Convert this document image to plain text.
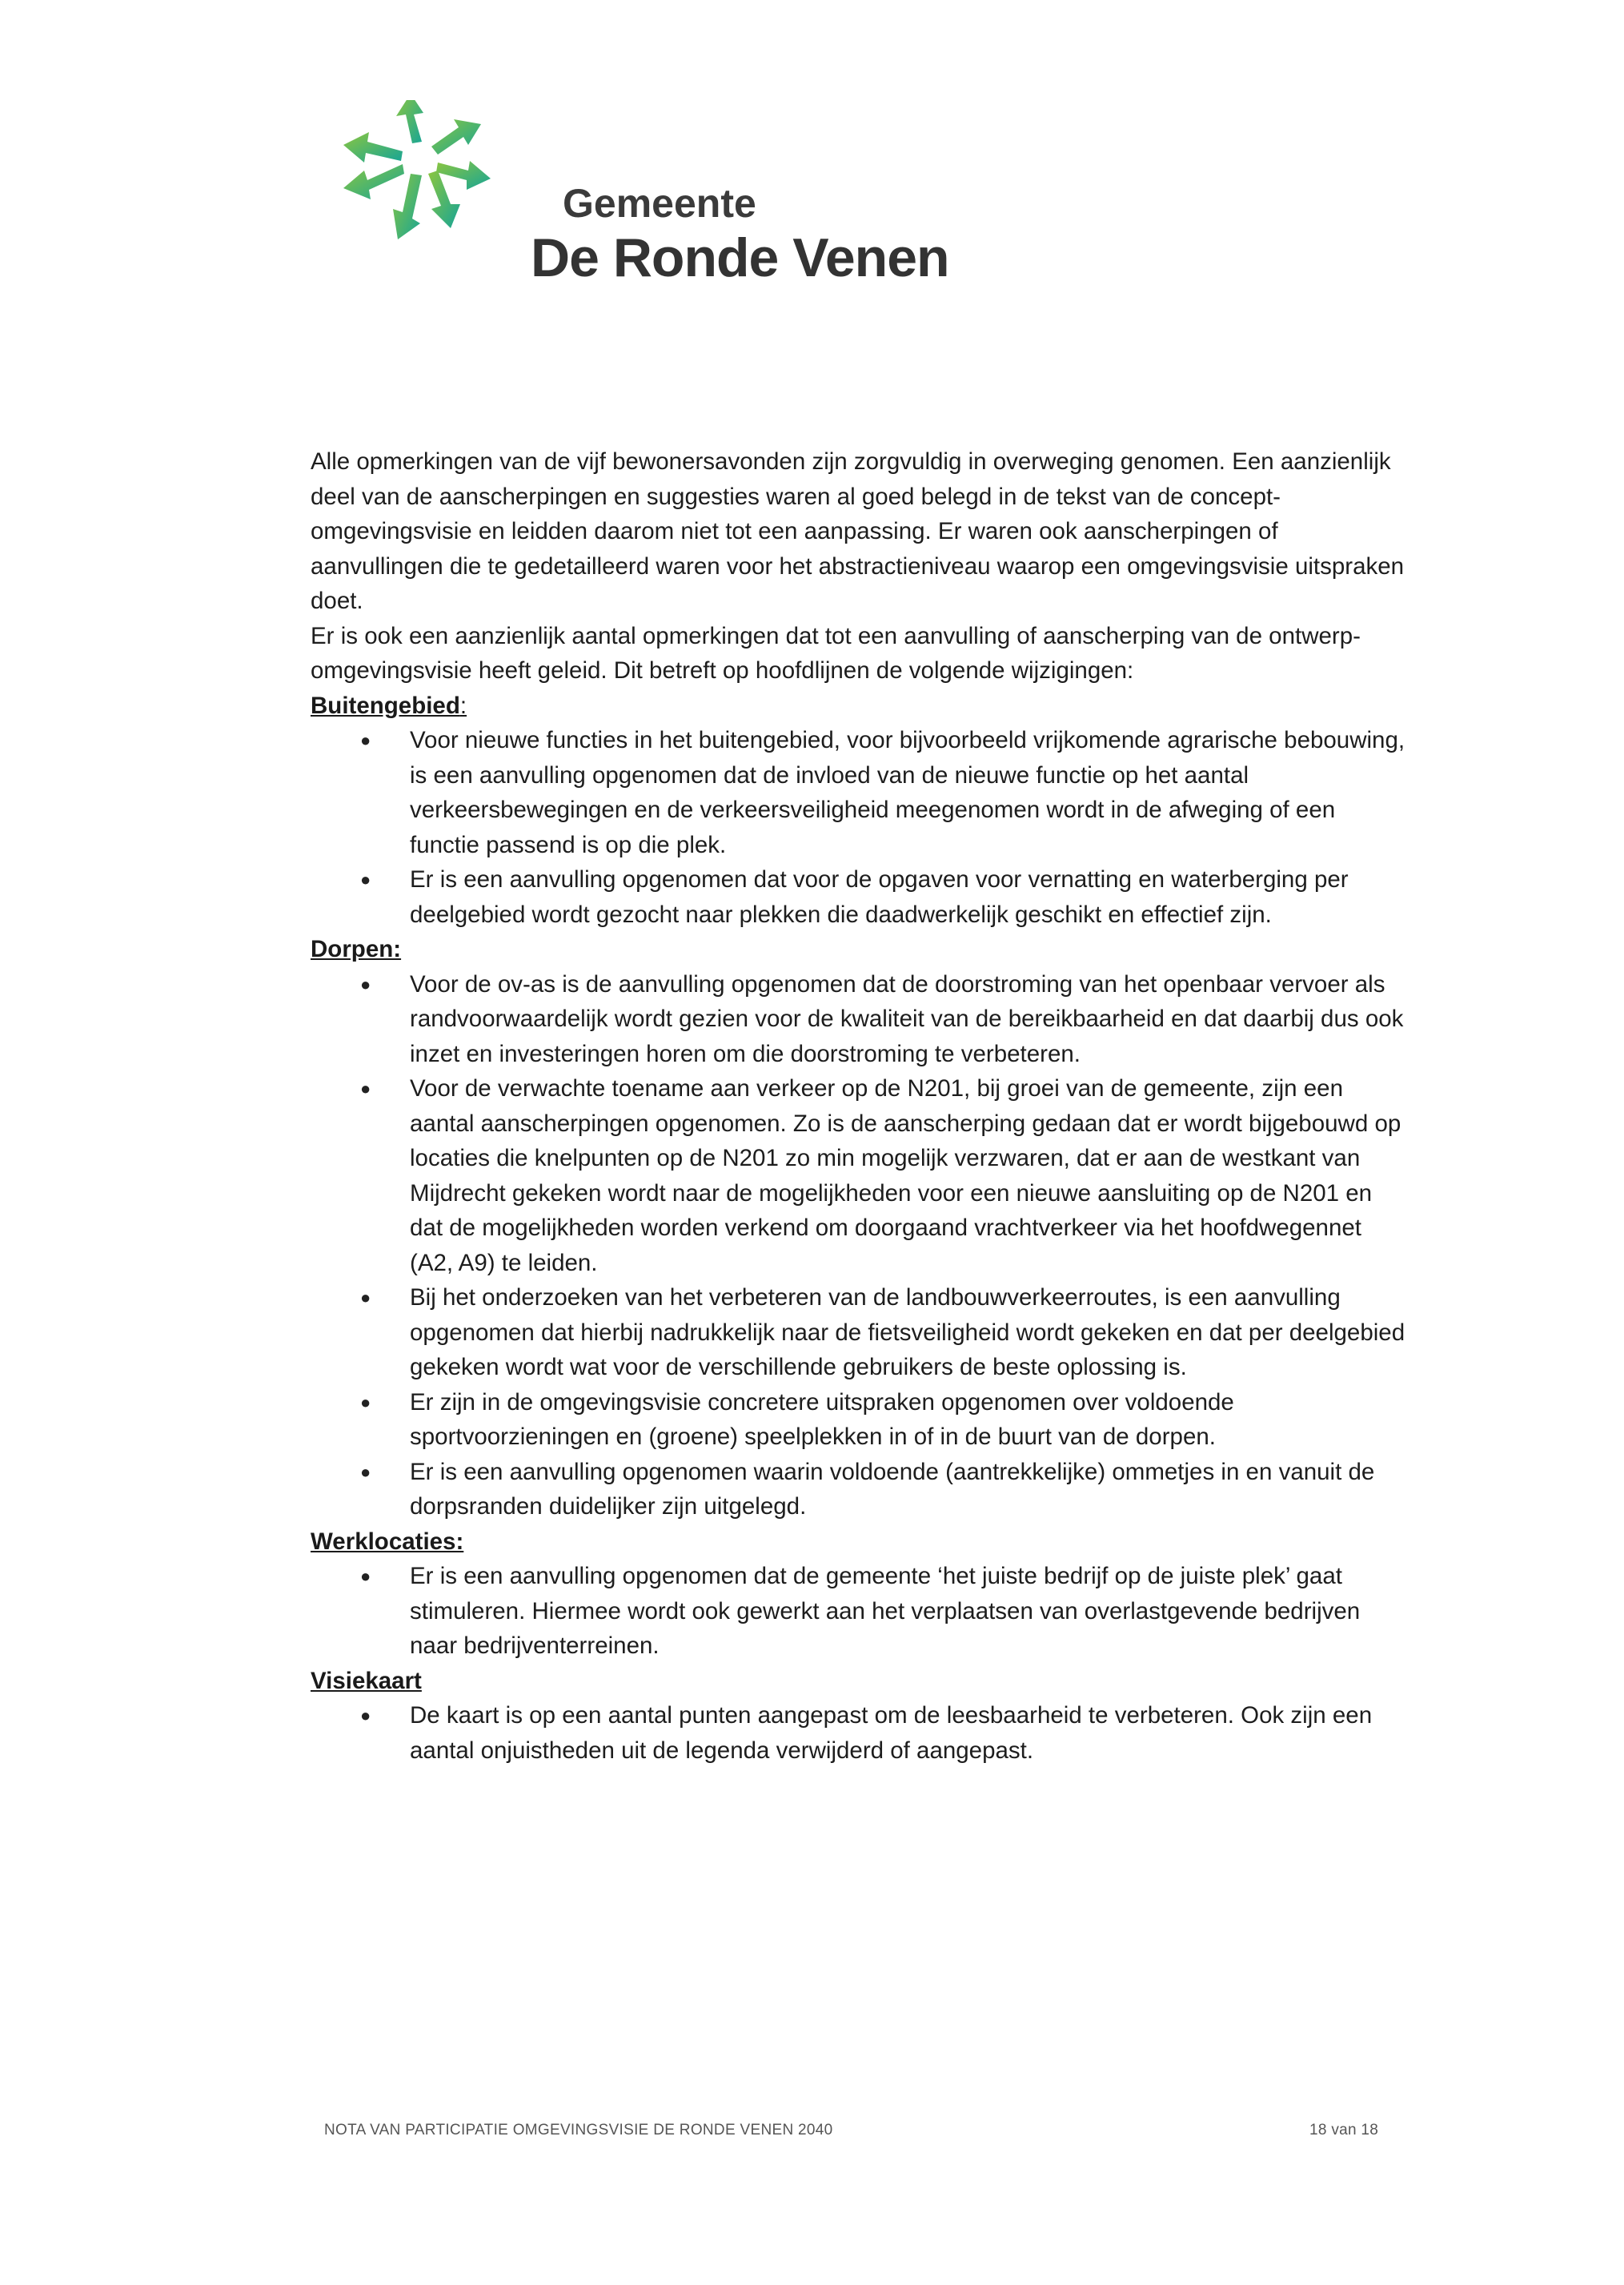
Gemeente
De Ronde Venen

Alle opmerkingen van de vijf bewonersavonden zijn zorgvuldig in overweging genomen. Een aanzienlijk deel van de aanscherpingen en suggesties waren al goed belegd in de tekst van de concept-omgevingsvisie en leidden daarom niet tot een aanpassing. Er waren ook aanscherpingen of aanvullingen die te gedetailleerd waren voor het abstractieniveau waarop een omgevingsvisie uitspraken doet.

Er is ook een aanzienlijk aantal opmerkingen dat tot een aanvulling of aanscherping van de ontwerp-omgevingsvisie heeft geleid. Dit betreft op hoofdlijnen de volgende wijzigingen:

Buitengebied:

● Voor nieuwe functies in het buitengebied, voor bijvoorbeeld vrijkomende agrarische bebouwing, is een aanvulling opgenomen dat de invloed van de nieuwe functie op het aantal verkeersbewegingen en de verkeersveiligheid meegenomen wordt in de afweging of een functie passend is op die plek.
● Er is een aanvulling opgenomen dat voor de opgaven voor vernatting en waterberging per deelgebied wordt gezocht naar plekken die daadwerkelijk geschikt en effectief zijn.

Dorpen:

● Voor de ov-as is de aanvulling opgenomen dat de doorstroming van het openbaar vervoer als randvoorwaardelijk wordt gezien voor de kwaliteit van de bereikbaarheid en dat daarbij dus ook inzet en investeringen horen om die doorstroming te verbeteren.
● Voor de verwachte toename aan verkeer op de N201, bij groei van de gemeente, zijn een aantal aanscherpingen opgenomen. Zo is de aanscherping gedaan dat er wordt bijgebouwd op locaties die knelpunten op de N201 zo min mogelijk verzwaren, dat er aan de westkant van Mijdrecht gekeken wordt naar de mogelijkheden voor een nieuwe aansluiting op de N201 en dat de mogelijkheden worden verkend om doorgaand vrachtverkeer via het hoofdwegennet (A2, A9) te leiden.
● Bij het onderzoeken van het verbeteren van de landbouwverkeerroutes, is een aanvulling opgenomen dat hierbij nadrukkelijk naar de fietsveiligheid wordt gekeken en dat per deelgebied gekeken wordt wat voor de verschillende gebruikers de beste oplossing is.
● Er zijn in de omgevingsvisie concretere uitspraken opgenomen over voldoende sportvoorzieningen en (groene) speelplekken in of in de buurt van de dorpen.
● Er is een aanvulling opgenomen waarin voldoende (aantrekkelijke) ommetjes in en vanuit de dorpsranden duidelijker zijn uitgelegd.

Werklocaties:

● Er is een aanvulling opgenomen dat de gemeente ‘het juiste bedrijf op de juiste plek’ gaat stimuleren. Hiermee wordt ook gewerkt aan het verplaatsen van overlastgevende bedrijven naar bedrijventerreinen.

Visiekaart

● De kaart is op een aantal punten aangepast om de leesbaarheid te verbeteren. Ook zijn een aantal onjuistheden uit de legenda verwijderd of aangepast.
NOTA VAN PARTICIPATIE OMGEVINGSVISIE DE RONDE VENEN 2040	18 van 18
